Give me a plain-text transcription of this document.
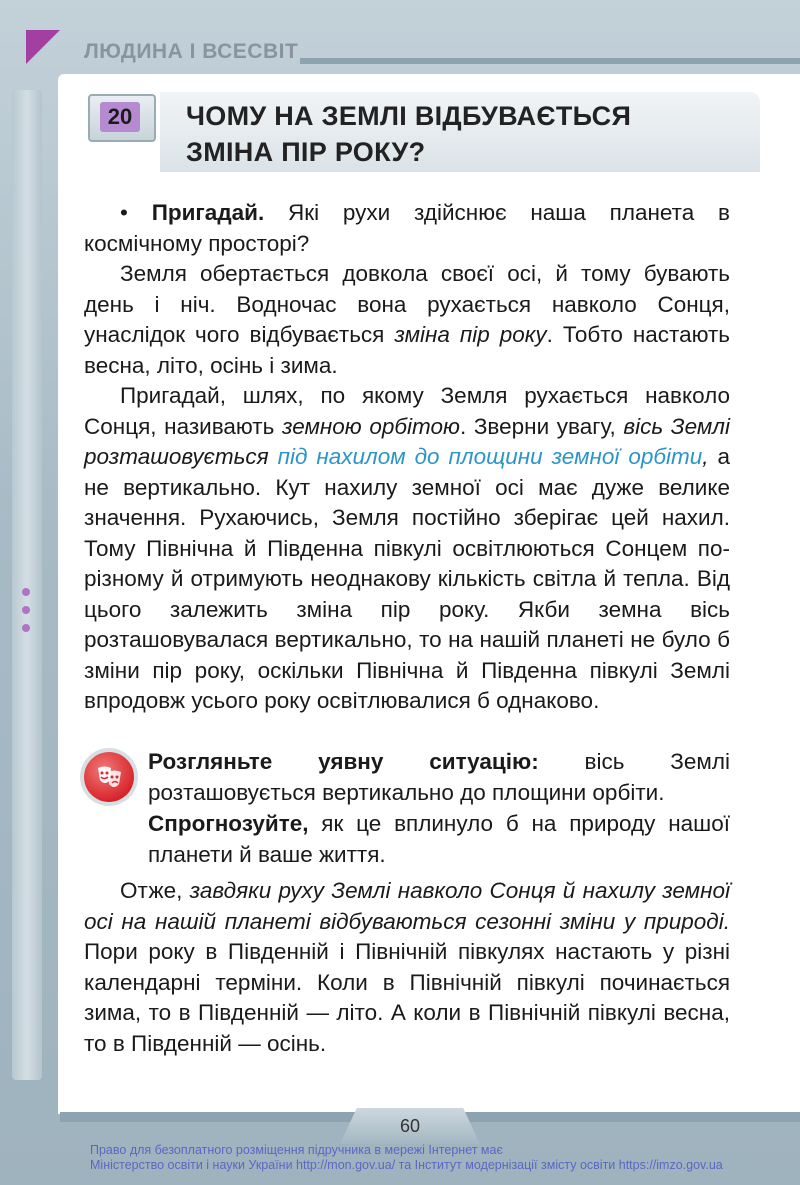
ЛЮДИНА І ВСЕСВІТ
20 ЧОМУ НА ЗЕМЛІ ВІДБУВАЄТЬСЯ
ЗМІНА ПІР РОКУ?

• Пригадай. Які рухи здійснює наша планета в космічному просторі?

Земля обертається довкола своєї осі, й тому бувають день і ніч. Водночас вона рухається навколо Сонця, унаслідок чого відбувається зміна пір року. Тобто настають весна, літо, осінь і зима.

Пригадай, шлях, по якому Земля рухається навколо Сонця, називають земною орбітою. Зверни увагу, вісь Землі розташовується під нахилом до площини земної орбіти, а не вертикально. Кут нахилу земної осі має дуже велике значення. Рухаючись, Земля постійно зберігає цей нахил. Тому Північна й Південна півкулі освітлюються Сонцем по-різному й отримують неоднакову кількість світла й тепла. Від цього залежить зміна пір року. Якби земна вісь розташовувалася вертикально, то на нашій планеті не було б зміни пір року, оскільки Північна й Південна півкулі Землі впродовж усього року освітлювалися б однаково.

Розгляньте уявну ситуацію: вісь Землі розташовується вертикально до площини орбіти.

Спрогнозуйте, як це вплинуло б на природу нашої планети й ваше життя.

Отже, завдяки руху Землі навколо Сонця й нахилу земної осі на нашій планеті відбуваються сезонні зміни у природі. Пори року в Південній і Північній півкулях настають у різні календарні терміни. Коли в Північній півкулі починається зима, то в Південній — літо. А коли в Північній півкулі весна, то в Південній — осінь.

60
Право для безоплатного розміщення підручника в мережі Інтернет має
Міністерство освіти і науки України http://mon.gov.ua/ та Інститут модернізації змісту освіти https://imzo.gov.ua
